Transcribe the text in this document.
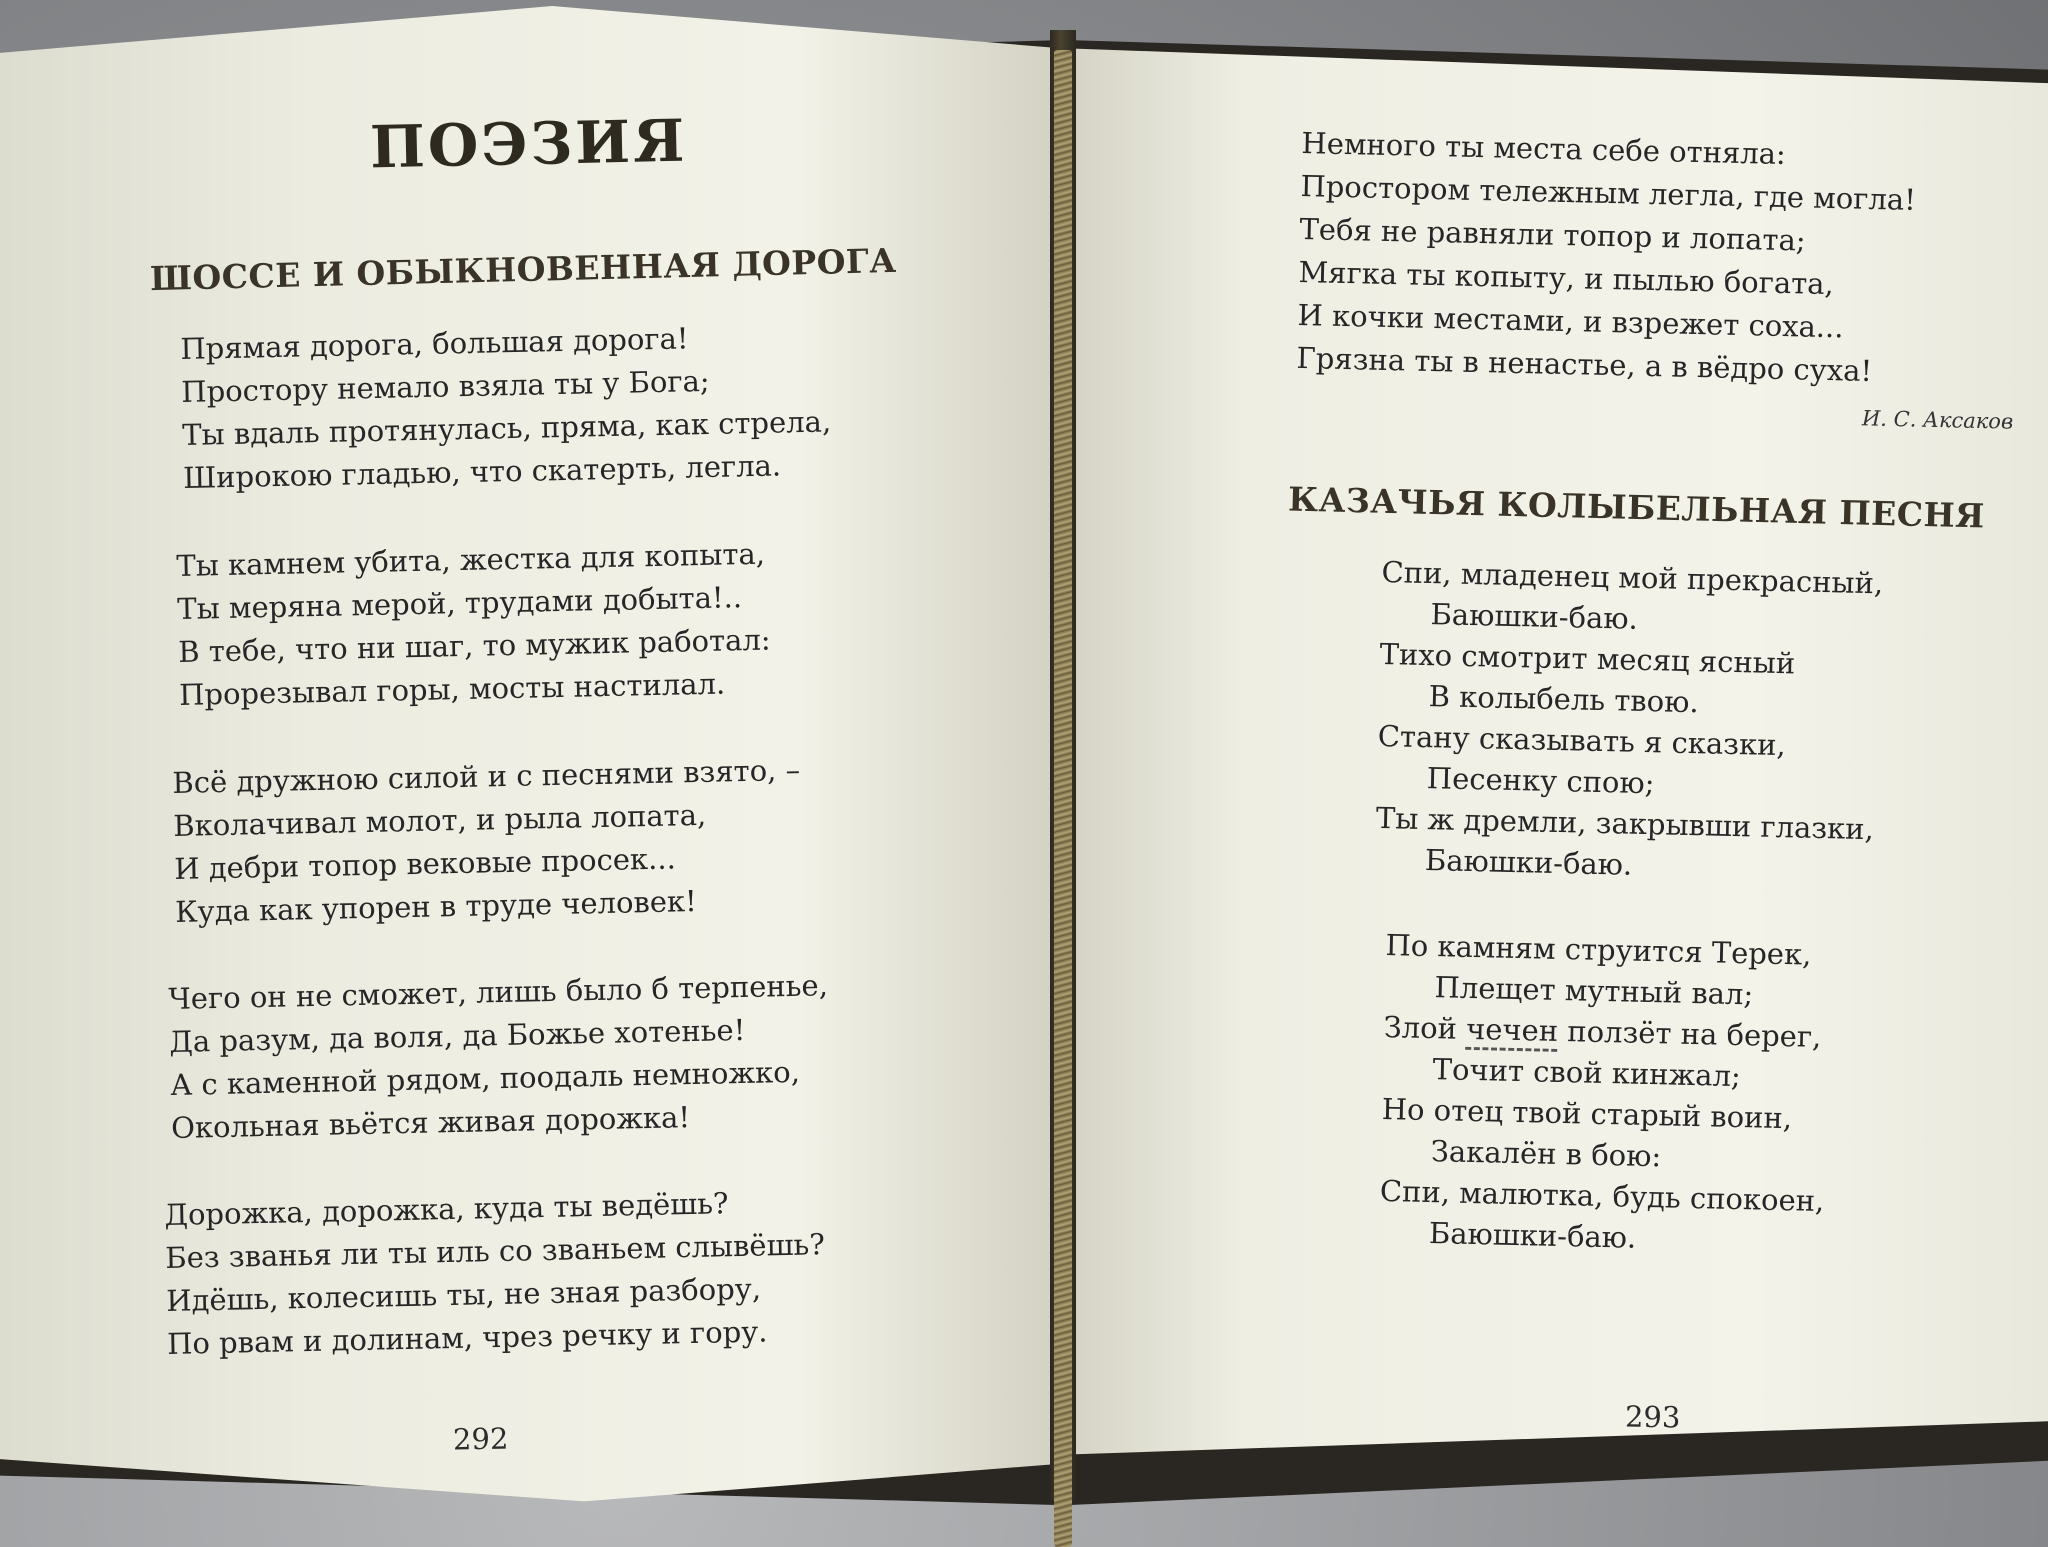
ПОЭЗИЯ
ШОССЕ И ОБЫКНОВЕННАЯ ДОРОГА
Прямая дорога, большая дорога!
Простору немало взяла ты у Бога;
Ты вдаль протянулась, пряма, как стрела,
Широкою гладью, что скатерть, легла.
Ты камнем убита, жестка для копыта,
Ты меряна мерой, трудами добыта!..
В тебе, что ни шаг, то мужик работал:
Прорезывал горы, мосты настилал.
Всё дружною силой и с песнями взято, –
Вколачивал молот, и рыла лопата,
И дебри топор вековые просек...
Куда как упорен в труде человек!
Чего он не сможет, лишь было б терпенье,
Да разум, да воля, да Божье хотенье!
А с каменной рядом, поодаль немножко,
Окольная вьётся живая дорожка!
Дорожка, дорожка, куда ты ведёшь?
Без званья ли ты иль со званьем слывёшь?
Идёшь, колесишь ты, не зная разбору,
По рвам и долинам, чрез речку и гору.
292
Немного ты места себе отняла:
Простором тележным легла, где могла!
Тебя не равняли топор и лопата;
Мягка ты копыту, и пылью богата,
И кочки местами, и взрежет соха...
Грязна ты в ненастье, а в вёдро суха!
И. С. Аксаков
КАЗАЧЬЯ КОЛЫБЕЛЬНАЯ ПЕСНЯ
Спи, младенец мой прекрасный,
Баюшки-баю.
Тихо смотрит месяц ясный
В колыбель твою.
Стану сказывать я сказки,
Песенку спою;
Ты ж дремли, закрывши глазки,
Баюшки-баю.
По камням струится Терек,
Плещет мутный вал;
Злой чечен ползёт на берег,
Точит свой кинжал;
Но отец твой старый воин,
Закалён в бою:
Спи, малютка, будь спокоен,
Баюшки-баю.
293
